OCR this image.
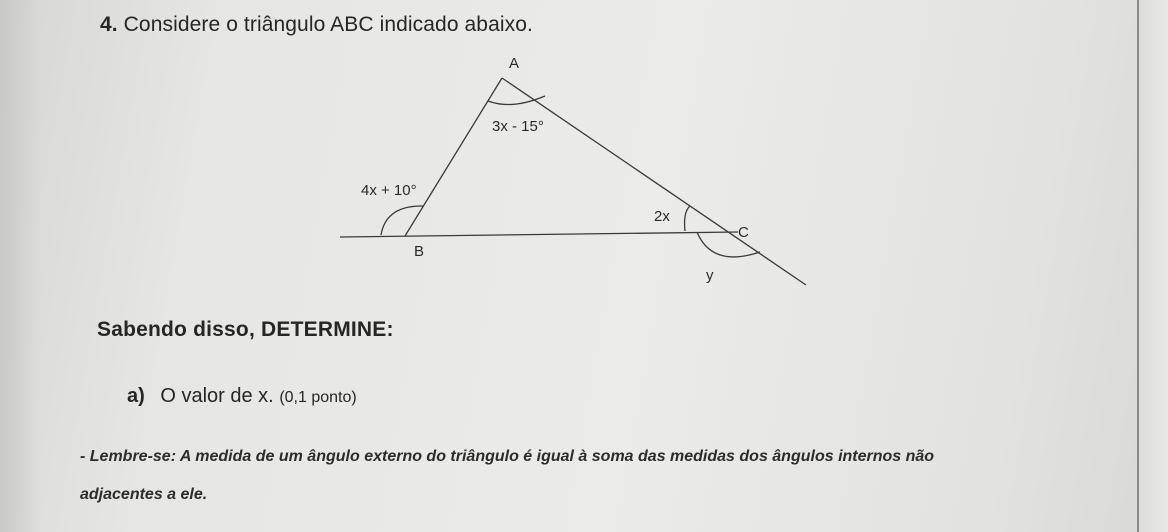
4. Considere o triângulo ABC indicado abaixo.
A
B
C
3x - 15°
4x + 10°
2x
y
Sabendo disso, DETERMINE:
a) O valor de x. (0,1 ponto)
- Lembre-se: A medida de um ângulo externo do triângulo é igual à soma das medidas dos ângulos internos não
adjacentes a ele.
